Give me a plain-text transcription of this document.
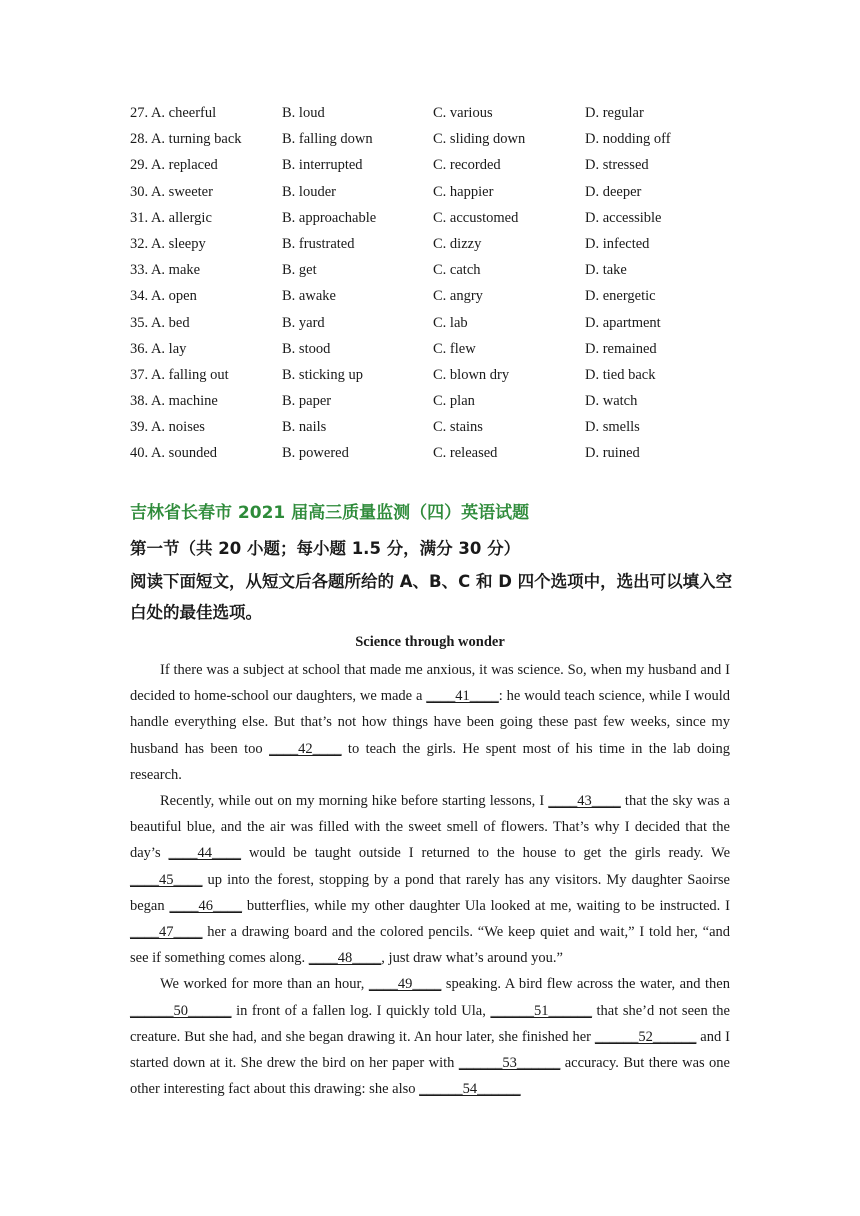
27. A. cheerful	B. loud	C. various	D. regular
28. A. turning back	B. falling down	C. sliding down	D. nodding off
29. A. replaced	B. interrupted	C. recorded	D. stressed
30. A. sweeter	B. louder	C. happier	D. deeper
31. A. allergic	B. approachable	C. accustomed	D. accessible
32. A. sleepy	B. frustrated	C. dizzy	D. infected
33. A. make	B. get	C. catch	D. take
34. A. open	B. awake	C. angry	D. energetic
35. A. bed	B. yard	C. lab	D. apartment
36. A. lay	B. stood	C. flew	D. remained
37. A. falling out	B. sticking up	C. blown dry	D. tied back
38. A. machine	B. paper	C. plan	D. watch
39. A. noises	B. nails	C. stains	D. smells
40. A. sounded	B. powered	C. released	D. ruined
吉林省长春市 2021 届高三质量监测（四）英语试题
第一节（共 20 小题；每小题 1.5 分，满分 30 分）
阅读下面短文，从短文后各题所给的 A、B、C 和 D 四个选项中，选出可以填入空白处的最佳选项。
Science through wonder

If there was a subject at school that made me anxious, it was science. So, when my husband and I decided to home-school our daughters, we made a ____41____: he would teach science, while I would handle everything else. But that’s not how things have been going these past few weeks, since my husband has been too ____42____ to teach the girls. He spent most of his time in the lab doing research.

Recently, while out on my morning hike before starting lessons, I ____43____ that the sky was a beautiful blue, and the air was filled with the sweet smell of flowers. That’s why I decided that the day’s ____44____ would be taught outside I returned to the house to get the girls ready. We ____45____ up into the forest, stopping by a pond that rarely has any visitors. My daughter Saoirse began ____46____ butterflies, while my other daughter Ula looked at me, waiting to be instructed. I ____47____ her a drawing board and the colored pencils. “We keep quiet and wait,” I told her, “and see if something comes along. ____48____, just draw what’s around you.”

We worked for more than an hour, ____49____ speaking. A bird flew across the water, and then ______50______ in front of a fallen log. I quickly told Ula, ______51______ that she’d not seen the creature. But she had, and she began drawing it. An hour later, she finished her ______52______ and I started down at it. She drew the bird on her paper with ______53______ accuracy. But there was one other interesting fact about this drawing: she also ______54______
